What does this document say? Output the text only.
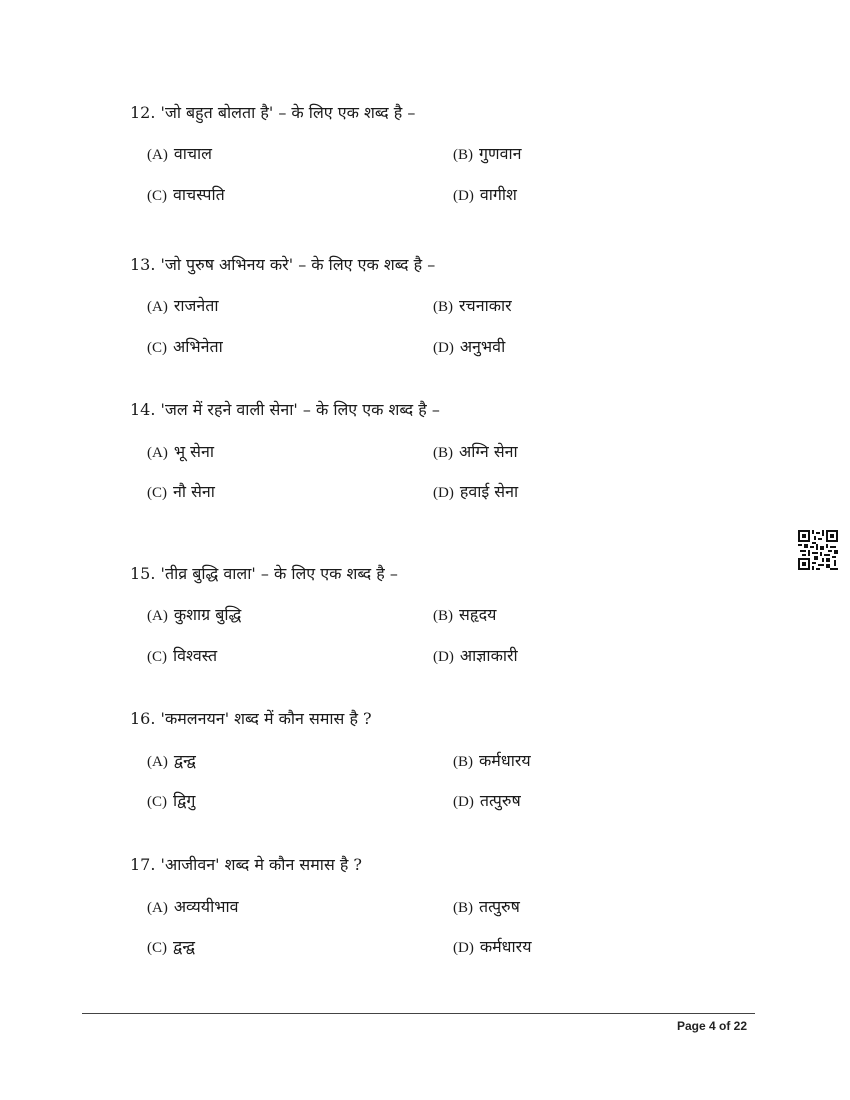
12. 'जो बहुत बोलता है' – के लिए एक शब्द है –
(A) वाचाल	(B) गुणवान
(C) वाचस्पति	(D) वागीश
13. 'जो पुरुष अभिनय करे' – के लिए एक शब्द है –
(A) राजनेता	(B) रचनाकार
(C) अभिनेता	(D) अनुभवी
14. 'जल में रहने वाली सेना' – के लिए एक शब्द है –
(A) भू सेना	(B) अग्नि सेना
(C) नौ सेना	(D) हवाई सेना
15. 'तीव्र बुद्धि वाला' – के लिए एक शब्द है –
(A) कुशाग्र बुद्धि	(B) सहृदय
(C) विश्वस्त	(D) आज्ञाकारी
16. 'कमलनयन' शब्द में कौन समास है ?
(A) द्वन्द्व	(B) कर्मधारय
(C) द्विगु	(D) तत्पुरुष
17. 'आजीवन' शब्द मे कौन समास है ?
(A) अव्ययीभाव	(B) तत्पुरुष
(C) द्वन्द्व	(D) कर्मधारय
Page 4 of 22
